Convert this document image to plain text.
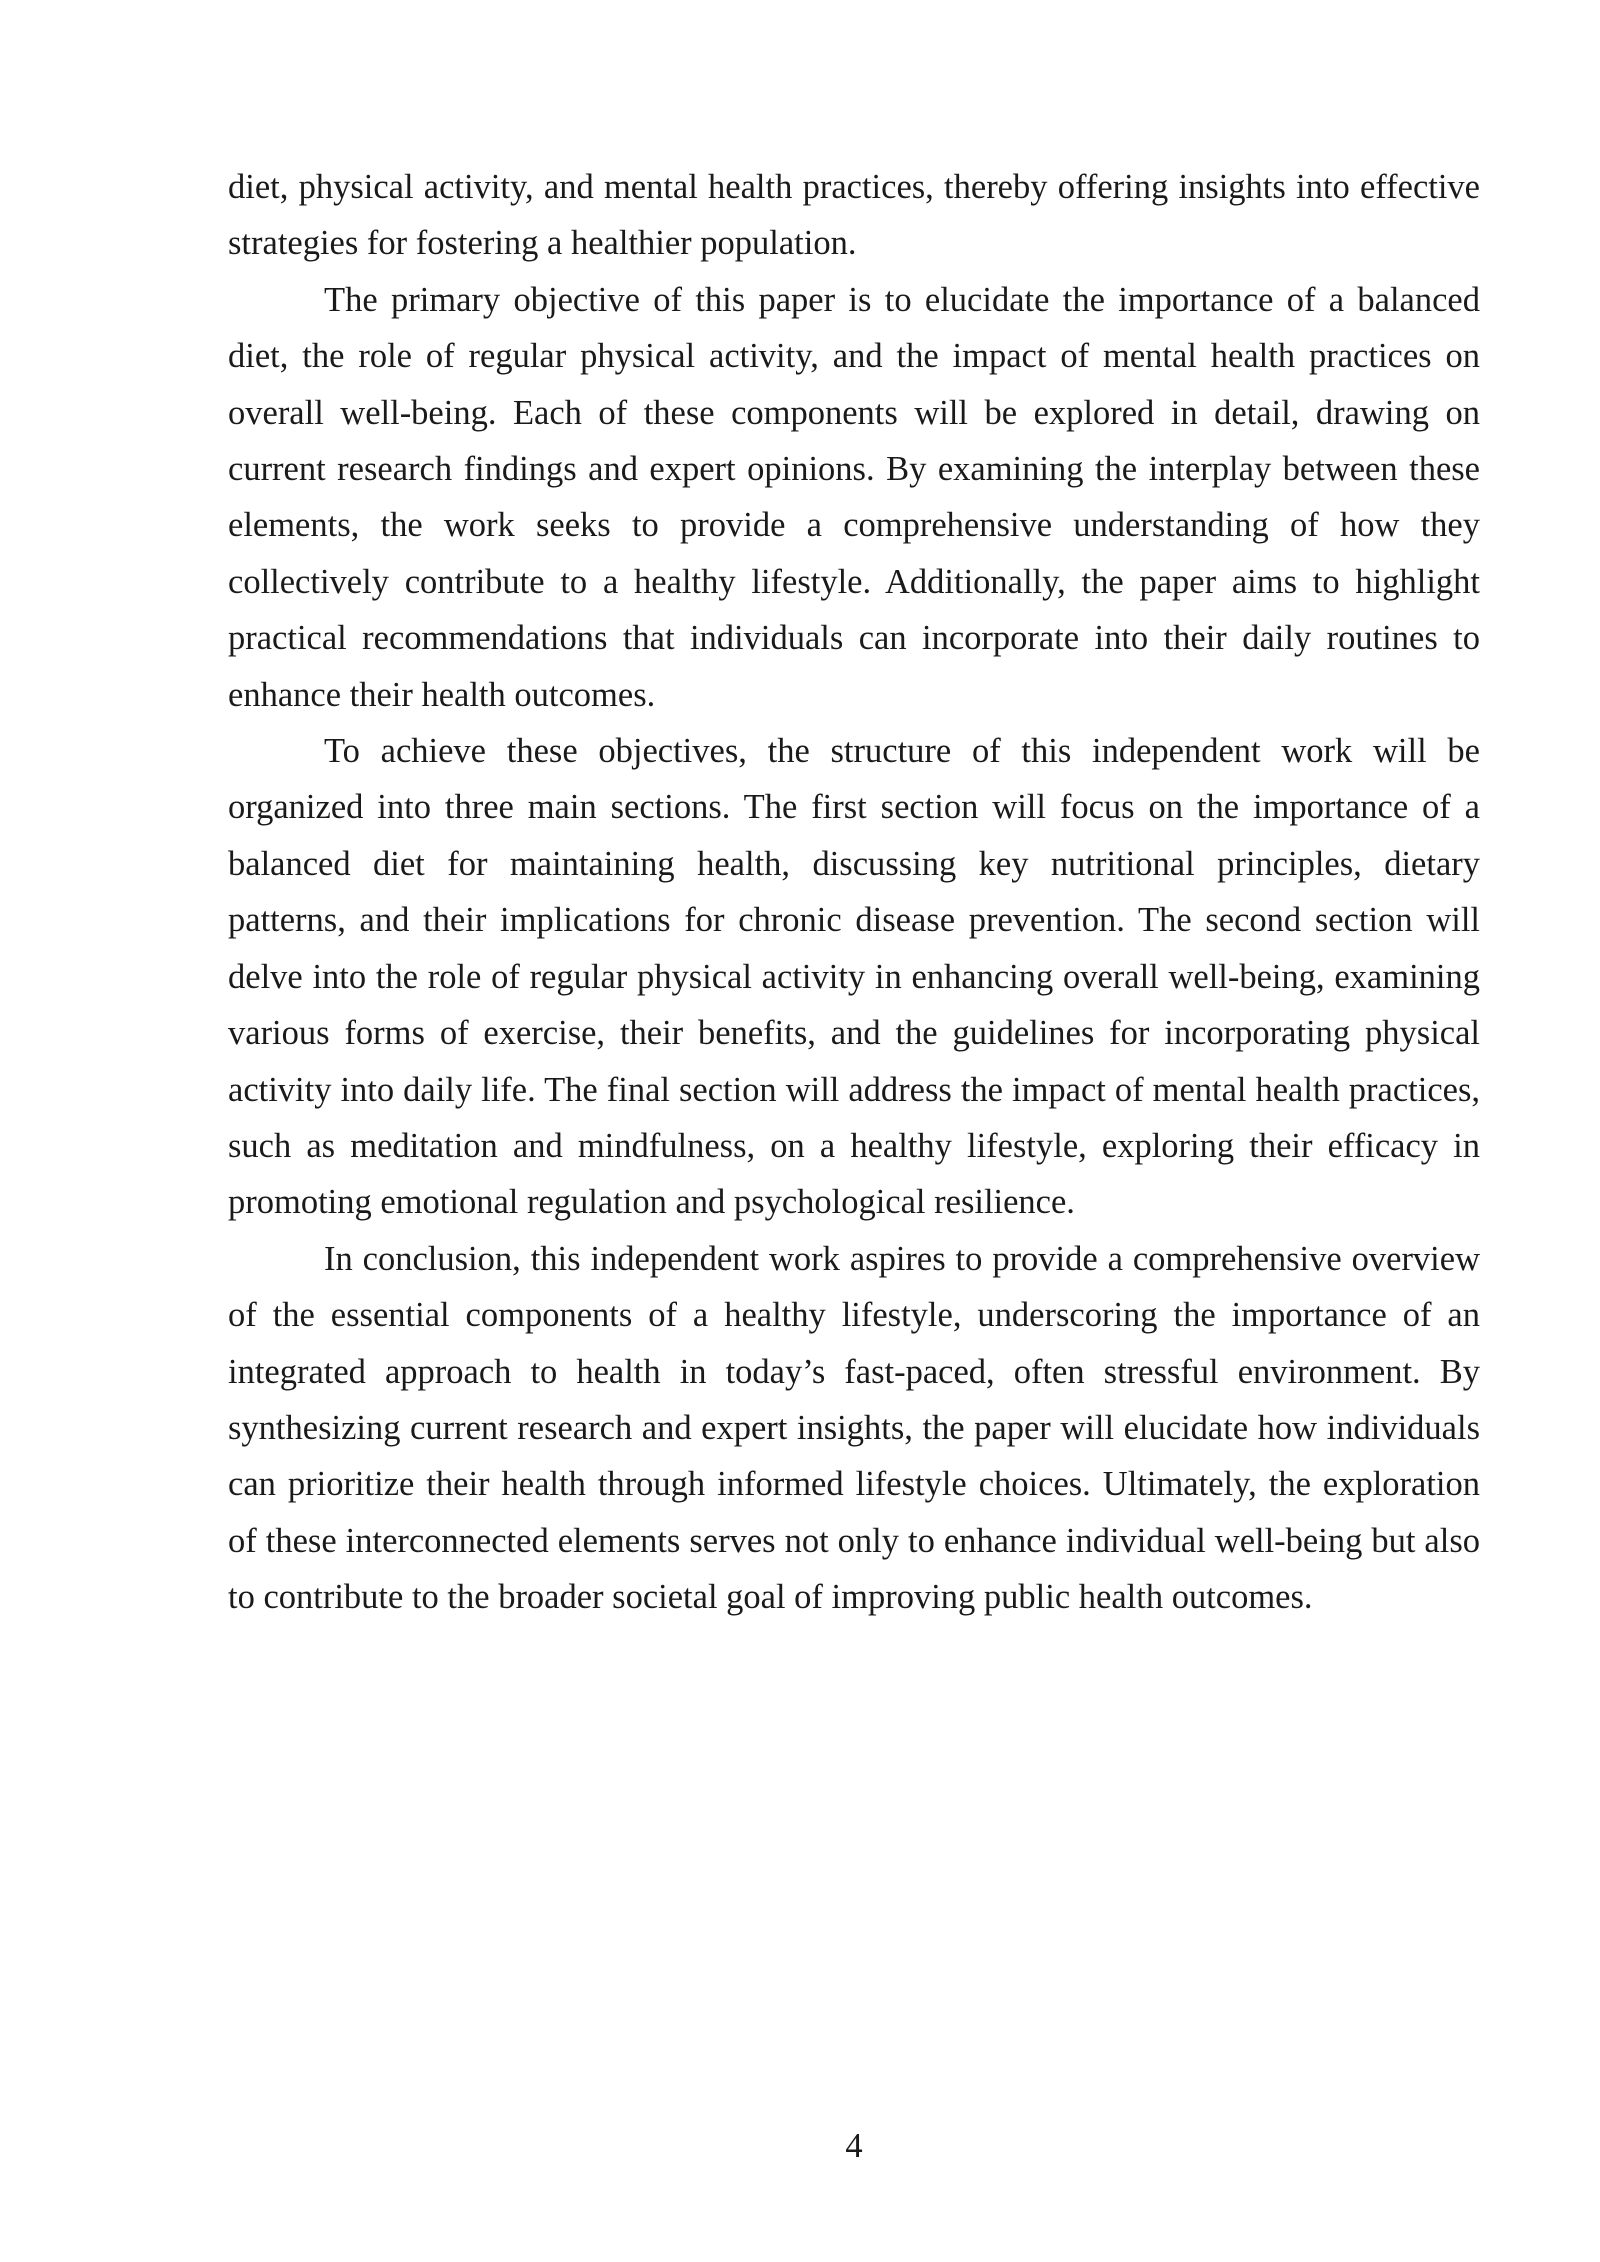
diet, physical activity, and mental health practices, thereby offering insights into effective strategies for fostering a healthier population.

The primary objective of this paper is to elucidate the importance of a balanced diet, the role of regular physical activity, and the impact of mental health practices on overall well-being. Each of these components will be explored in detail, drawing on current research findings and expert opinions. By examining the interplay between these elements, the work seeks to provide a comprehensive understanding of how they collectively contribute to a healthy lifestyle. Additionally, the paper aims to highlight practical recommendations that individuals can incorporate into their daily routines to enhance their health outcomes.

To achieve these objectives, the structure of this independent work will be organized into three main sections. The first section will focus on the importance of a balanced diet for maintaining health, discussing key nutritional principles, dietary patterns, and their implications for chronic disease prevention. The second section will delve into the role of regular physical activity in enhancing overall well-being, examining various forms of exercise, their benefits, and the guidelines for incorporating physical activity into daily life. The final section will address the impact of mental health practices, such as meditation and mindfulness, on a healthy lifestyle, exploring their efficacy in promoting emotional regulation and psychological resilience.

In conclusion, this independent work aspires to provide a comprehensive overview of the essential components of a healthy lifestyle, underscoring the importance of an integrated approach to health in today’s fast-paced, often stressful environment. By synthesizing current research and expert insights, the paper will elucidate how individuals can prioritize their health through informed lifestyle choices. Ultimately, the exploration of these interconnected elements serves not only to enhance individual well-being but also to contribute to the broader societal goal of improving public health outcomes.

4
